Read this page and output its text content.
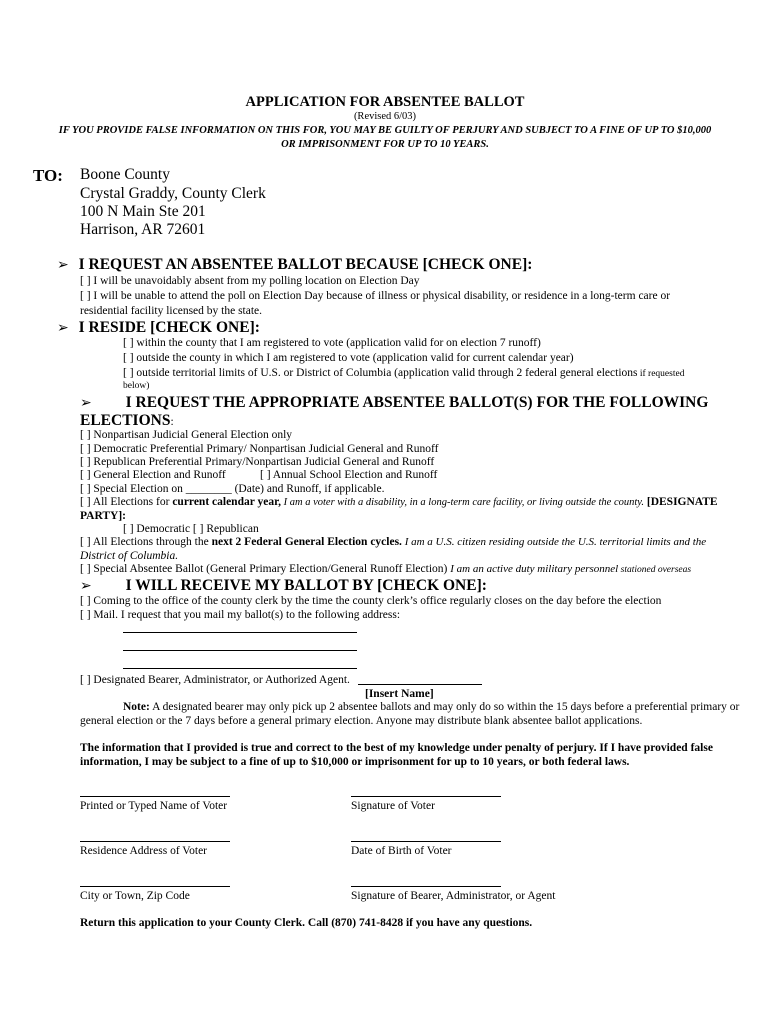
APPLICATION FOR ABSENTEE BALLOT
(Revised 6/03)
IF YOU PROVIDE FALSE INFORMATION ON THIS FOR, YOU MAY BE GUILTY OF PERJURY AND SUBJECT TO A FINE OF UP TO $10,000
OR IMPRISONMENT FOR UP TO 10 YEARS.
TO: Boone County
Crystal Graddy, County Clerk
100 N Main Ste 201
Harrison, AR 72601
➢ I REQUEST AN ABSENTEE BALLOT BECAUSE [CHECK ONE]:
[ ] I will be unavoidably absent from my polling location on Election Day
[ ] I will be unable to attend the poll on Election Day because of illness or physical disability, or residence in a long-term care or
residential facility licensed by the state.
➢ I RESIDE [CHECK ONE]:
[ ] within the county that I am registered to vote (application valid for on election 7 runoff)
[ ] outside the county in which I am registered to vote (application valid for current calendar year)
[ ] outside territorial limits of U.S. or District of Columbia (application valid through 2 federal general elections if requested
below)
➢ I REQUEST THE APPROPRIATE ABSENTEE BALLOT(S) FOR THE FOLLOWING
ELECTIONS:
[ ] Nonpartisan Judicial General Election only
[ ] Democratic Preferential Primary/ Nonpartisan Judicial General and Runoff
[ ] Republican Preferential Primary/Nonpartisan Judicial General and Runoff
[ ] General Election and Runoff	[ ] Annual School Election and Runoff
[ ] Special Election on ________ (Date) and Runoff, if applicable.
[ ] All Elections for current calendar year, I am a voter with a disability, in a long-term care facility, or living outside the county. [DESIGNATE
PARTY]:
[ ] Democratic [ ] Republican
[ ] All Elections through the next 2 Federal General Election cycles. I am a U.S. citizen residing outside the U.S. territorial limits and the
District of Columbia.
[ ] Special Absentee Ballot (General Primary Election/General Runoff Election) I am an active duty military personnel stationed overseas
➢ I WILL RECEIVE MY BALLOT BY [CHECK ONE]:
[ ] Coming to the office of the county clerk by the time the county clerk’s office regularly closes on the day before the election
[ ] Mail. I request that you mail my ballot(s) to the following address:
[ ] Designated Bearer, Administrator, or Authorized Agent.
[Insert Name]
Note: A designated bearer may only pick up 2 absentee ballots and may only do so within the 15 days before a preferential primary or
general election or the 7 days before a general primary election. Anyone may distribute blank absentee ballot applications.
The information that I provided is true and correct to the best of my knowledge under penalty of perjury. If I have provided false
information, I may be subject to a fine of up to $10,000 or imprisonment for up to 10 years, or both federal laws.
Printed or Typed Name of Voter	Signature of Voter
Residence Address of Voter	Date of Birth of Voter
City or Town, Zip Code	Signature of Bearer, Administrator, or Agent
Return this application to your County Clerk. Call (870) 741-8428 if you have any questions.
